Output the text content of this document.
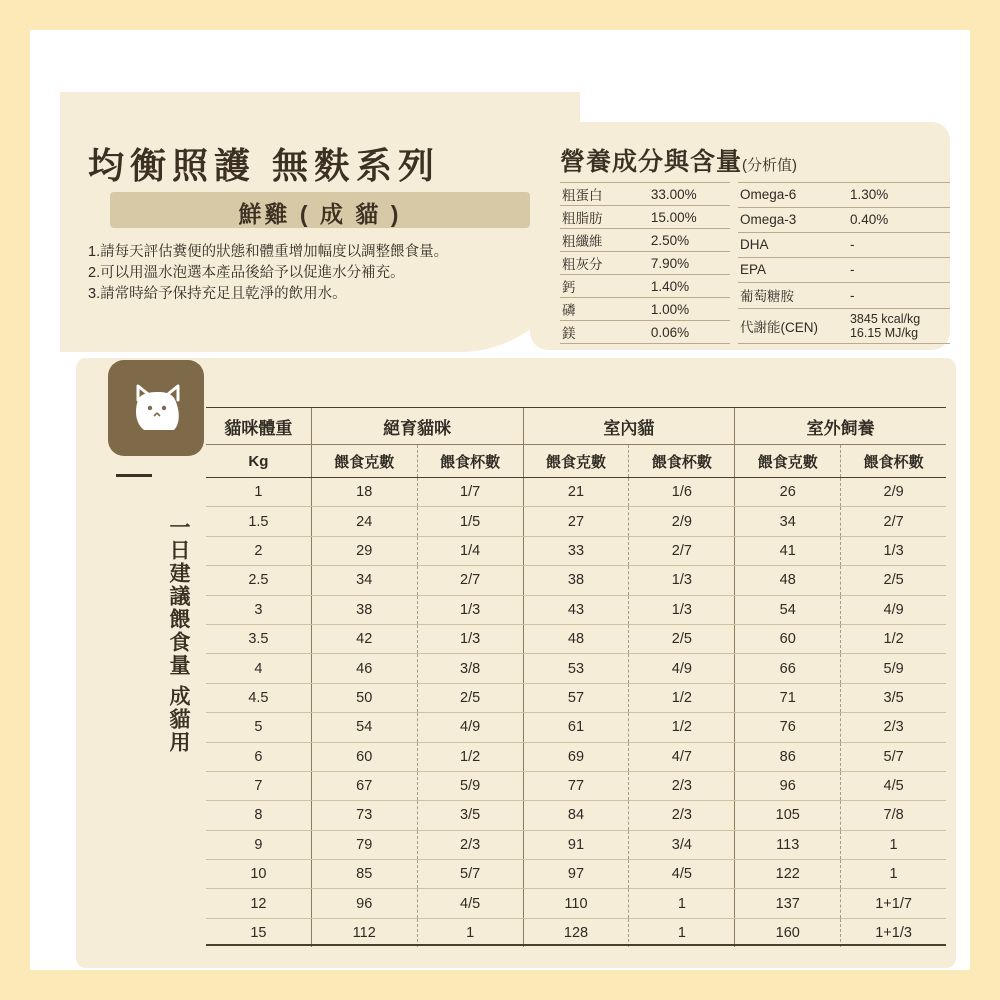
均衡照護 無麩系列
鮮雞 ( 成 貓 )
1.請每天評估糞便的狀態和體重增加幅度以調整餵食量。
2.可以用溫水泡選本產品後給予以促進水分補充。
3.請常時給予保持充足且乾淨的飲用水。
營養成分與含量(分析值)
粗蛋白	33.00%
粗脂肪	15.00%
粗纖維	2.50%
粗灰分	7.90%
鈣	1.40%
磷	1.00%
鎂	0.06%
Omega-6	1.30%
Omega-3	0.40%
DHA	-
EPA	-
葡萄糖胺	-
代謝能(CEN)	3845 kcal/kg
16.15 MJ/kg
一日建議餵食量 成貓用
貓咪體重	絕育貓咪		室內貓		室外飼養	
Kg	餵食克數	餵食杯數	餵食克數	餵食杯數	餵食克數	餵食杯數
1	18	1/7	21	1/6	26	2/9
1.5	24	1/5	27	2/9	34	2/7
2	29	1/4	33	2/7	41	1/3
2.5	34	2/7	38	1/3	48	2/5
3	38	1/3	43	1/3	54	4/9
3.5	42	1/3	48	2/5	60	1/2
4	46	3/8	53	4/9	66	5/9
4.5	50	2/5	57	1/2	71	3/5
5	54	4/9	61	1/2	76	2/3
6	60	1/2	69	4/7	86	5/7
7	67	5/9	77	2/3	96	4/5
8	73	3/5	84	2/3	105	7/8
9	79	2/3	91	3/4	113	1
10	85	5/7	97	4/5	122	1
12	96	4/5	110	1	137	1+1/7
15	112	1	128	1	160	1+1/3
